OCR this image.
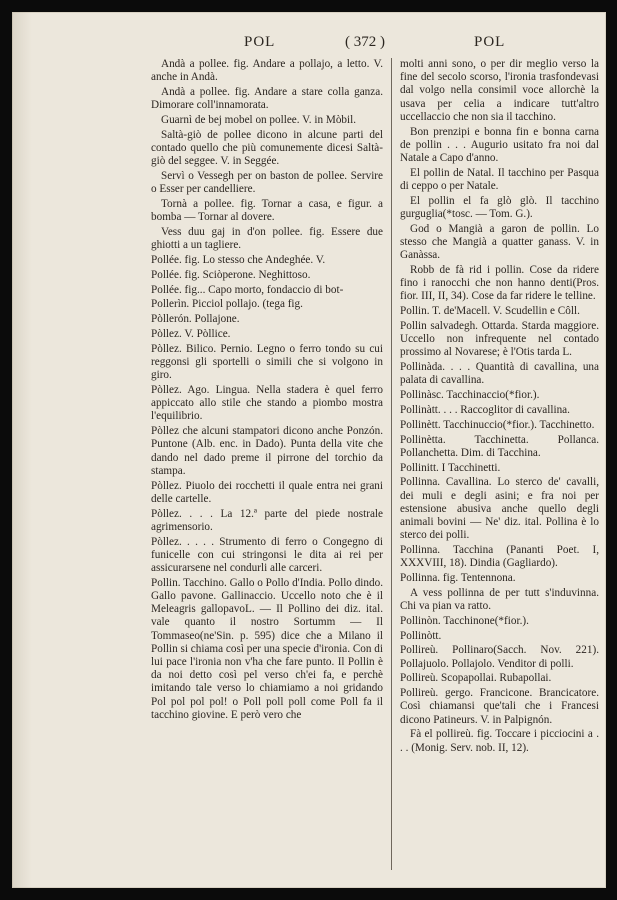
POL	( 372 )	POL

Andà a pollee. fig. Andare a pollajo, a letto. V. anche in Andà.

Andà a pollee. fig. Andare a stare colla ganza. Dimorare coll'innamorata.

Guarnì de bej mobel on pollee. V. in Mòbil.

Saltà-giò de pollee dicono in alcune parti del contado quello che più comunemente dicesi Saltà-giò del seggee. V. in Seggée.

Servì o Vessegh per on baston de pollee. Servire o Esser per candelliere.

Tornà a pollee. fig. Tornar a casa, e figur. a bomba — Tornar al dovere.

Vess duu gaj in d'on pollee. fig. Essere due ghiotti a un tagliere.

Pollée. fig. Lo stesso che Andeghée. V.

Pollée. fig. Sciòperone. Neghittoso.

Pollée. fig... Capo morto, fondaccio di bot-

Pollerìn. Picciol pollajo. (tega fig.

Pòllerón. Pollajone.

Pòllez. V. Pòllice.

Pòllez. Bilico. Pernio. Legno o ferro tondo su cui reggonsi gli sportelli o simili che si volgono in giro.

Pòllez. Ago. Lingua. Nella stadera è quel ferro appiccato allo stile che stando a piombo mostra l'equilibrio.

Pòllez che alcuni stampatori dicono anche Ponzón. Puntone (Alb. enc. in Dado). Punta della vite che dando nel dado preme il pirrone del torchio da stampa.

Pòllez. Piuolo dei rocchetti il quale entra nei grani delle cartelle.

Pòllez. . . . La 12.ª parte del piede nostrale agrimensorio.

Pòllez. . . . . Strumento di ferro o Congegno di funicelle con cui stringonsi le dita ai rei per assicurarsene nel condurli alle carceri.

Pollin. Tacchino. Gallo o Pollo d'India. Pollo dindo. Gallo pavone. Gallinaccio. Uccello noto che è il Meleagris gallopavoL. — Il Pollino dei diz. ital. vale quanto il nostro Sortumm — Il Tommaseo(ne'Sin. p. 595) dice che a Milano il Pollin si chiama così per una specie d'ironia. Con di lui pace l'ironia non v'ha che fare punto. Il Pollin è da noi detto così pel verso ch'ei fa, e perchè imitando tale verso lo chiamiamo a noi gridando Pol pol pol pol! o Poll poll poll come Poll fa il tacchino giovine. E però vero che

molti anni sono, o per dir meglio verso la fine del secolo scorso, l'ironia trasfondevasi dal volgo nella consimil voce allorchè la usava per celia a indicare tutt'altro uccellaccio che non sia il tacchino.

Bon prenzipi e bonna fin e bonna carna de pollin . . . Augurio usitato fra noi dal Natale a Capo d'anno.

El pollin de Natal. Il tacchino per Pasqua di ceppo o per Natale.

El pollin el fa glò glò. Il tacchino gurguglia(*tosc. — Tom. G.).

God o Mangià a garon de pollin. Lo stesso che Mangià a quatter ganass. V. in Ganàssa.

Robb de fà rid i pollin. Cose da ridere fino i ranocchi che non hanno denti(Pros. fior. III, II, 34). Cose da far ridere le telline.

Pollin. T. de'Macell. V. Scudellin e Côll.

Pollin salvadegh. Ottarda. Starda maggiore. Uccello non infrequente nel contado prossimo al Novarese; è l'Otis tarda L.

Pollinàda. . . . Quantità di cavallina, una palata di cavallina.

Pollinàsc. Tacchinaccio(*fior.).

Pollinàtt. . . . Raccoglitor di cavallina.

Pollinètt. Tacchinuccio(*fior.). Tacchinetto.

Pollinètta. Tacchinetta. Pollanca. Pollanchetta. Dim. di Tacchina.

Pollinitt. I Tacchinetti.

Pollinna. Cavallina. Lo sterco de' cavalli, dei muli e degli asini; e fra noi per estensione abusiva anche quello degli animali bovini — Ne' diz. ital. Pollina è lo sterco dei polli.

Pollinna. Tacchina (Pananti Poet. I, XXXVIII, 18). Dindia (Gagliardo).

Pollinna. fig. Tentennona.

A vess pollinna de per tutt s'induvinna. Chi va pian va ratto.

Pollinòn. Tacchinone(*fior.).

Pollinòtt.

Pollireù. Pollinaro(Sacch. Nov. 221). Pollajuolo. Pollajolo. Venditor di polli.

Pollireù. Scopapollai. Rubapollai.

Pollireù. gergo. Francicone. Brancicatore. Così chiamansi que'tali che i Francesi dicono Patineurs. V. in Palpignón.

Fà el pollireù. fig. Toccare i picciocini a . . . (Monig. Serv. nob. II, 12).
